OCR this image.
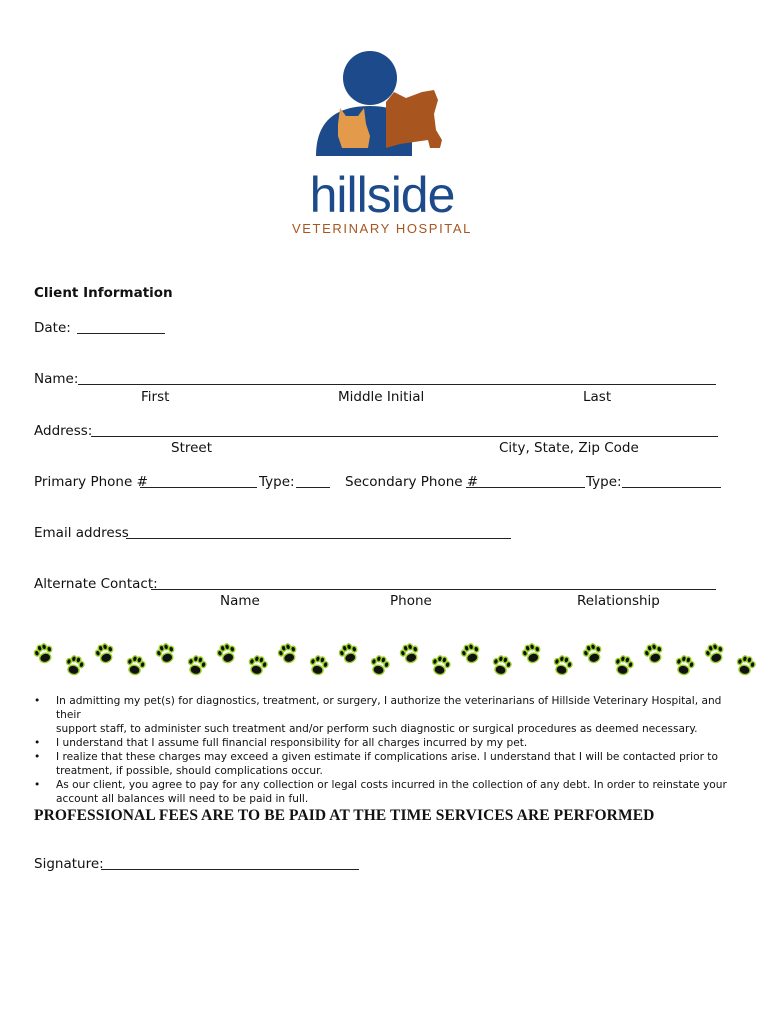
hillside
VETERINARY HOSPITAL
Client Information
Date:
Name:
First	Middle Initial	Last
Address:
Street	City, State, Zip Code
Primary Phone #	Type:	Secondary Phone #	Type:
Email address
Alternate Contact:
Name	Phone	Relationship
• In admitting my pet(s) for diagnostics, treatment, or surgery, I authorize the veterinarians of Hillside Veterinary Hospital, and their
support staff, to administer such treatment and/or perform such diagnostic or surgical procedures as deemed necessary.
• I understand that I assume full financial responsibility for all charges incurred by my pet.
• I realize that these charges may exceed a given estimate if complications arise. I understand that I will be contacted prior to
treatment, if possible, should complications occur.
• As our client, you agree to pay for any collection or legal costs incurred in the collection of any debt. In order to reinstate your
account all balances will need to be paid in full.
PROFESSIONAL FEES ARE TO BE PAID AT THE TIME SERVICES ARE PERFORMED
Signature:
